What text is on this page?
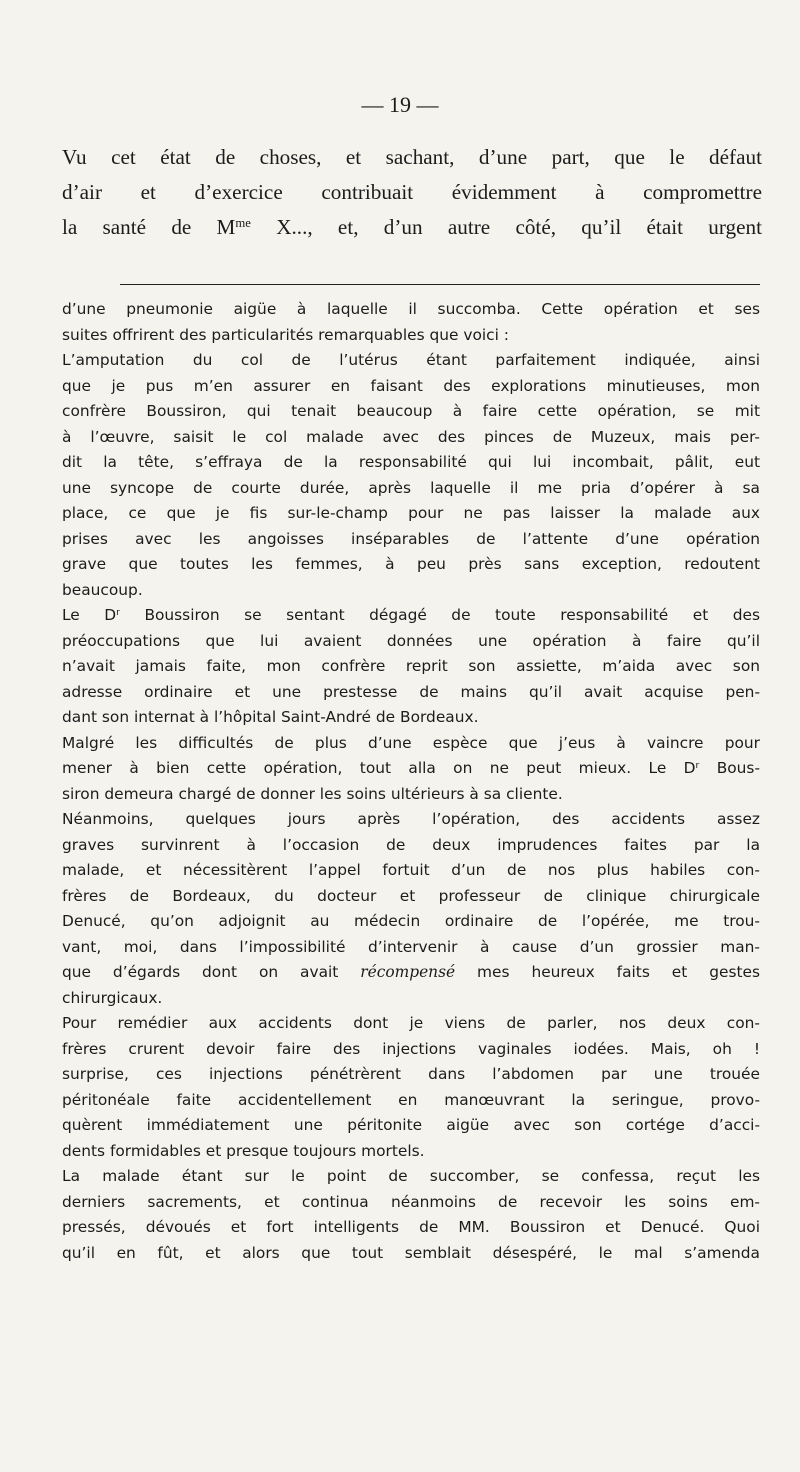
— 19 —
Vu cet état de choses, et sachant, d’une part, que le défaut
d’air et d’exercice contribuait évidemment à compromettre
la santé de $M^{me}$ X..., et, d’un autre côté, qu’il était urgent
d’une pneumonie aigüe à laquelle il succomba. Cette opération et ses
suites offrirent des particularités remarquables que voici :
L’amputation du col de l’utérus étant parfaitement indiquée, ainsi
que je pus m’en assurer en faisant des explorations minutieuses, mon
confrère Boussiron, qui tenait beaucoup à faire cette opération, se mit
à l’œuvre, saisit le col malade avec des pinces de Muzeux, mais per-
dit la tête, s’effraya de la responsabilité qui lui incombait, pâlit, eut
une syncope de courte durée, après laquelle il me pria d’opérer à sa
place, ce que je fis sur-le-champ pour ne pas laisser la malade aux
prises avec les angoisses inséparables de l’attente d’une opération
grave que toutes les femmes, à peu près sans exception, redoutent
beaucoup.
Le $D^r$ Boussiron se sentant dégagé de toute responsabilité et des
préoccupations que lui avaient données une opération à faire qu’il
n’avait jamais faite, mon confrère reprit son assiette, m’aida avec son
adresse ordinaire et une prestesse de mains qu’il avait acquise pen-
dant son internat à l’hôpital Saint-André de Bordeaux.
Malgré les difficultés de plus d’une espèce que j’eus à vaincre pour
mener à bien cette opération, tout alla on ne peut mieux. Le $D^r$ Bous-
siron demeura chargé de donner les soins ultérieurs à sa cliente.
Néanmoins, quelques jours après l’opération, des accidents assez
graves survinrent à l’occasion de deux imprudences faites par la
malade, et nécessitèrent l’appel fortuit d’un de nos plus habiles con-
frères de Bordeaux, du docteur et professeur de clinique chirurgicale
Denucé, qu’on adjoignit au médecin ordinaire de l’opérée, me trou-
vant, moi, dans l’impossibilité d’intervenir à cause d’un grossier man-
que d’égards dont on avait récompensé mes heureux faits et gestes
chirurgicaux.
Pour remédier aux accidents dont je viens de parler, nos deux con-
frères crurent devoir faire des injections vaginales iodées. Mais, oh !
surprise, ces injections pénétrèrent dans l’abdomen par une trouée
péritonéale faite accidentellement en manœuvrant la seringue, provo-
quèrent immédiatement une péritonite aigüe avec son cortége d’acci-
dents formidables et presque toujours mortels.
La malade étant sur le point de succomber, se confessa, reçut les
derniers sacrements, et continua néanmoins de recevoir les soins em-
pressés, dévoués et fort intelligents de MM. Boussiron et Denucé. Quoi
qu’il en fût, et alors que tout semblait désespéré, le mal s’amenda
